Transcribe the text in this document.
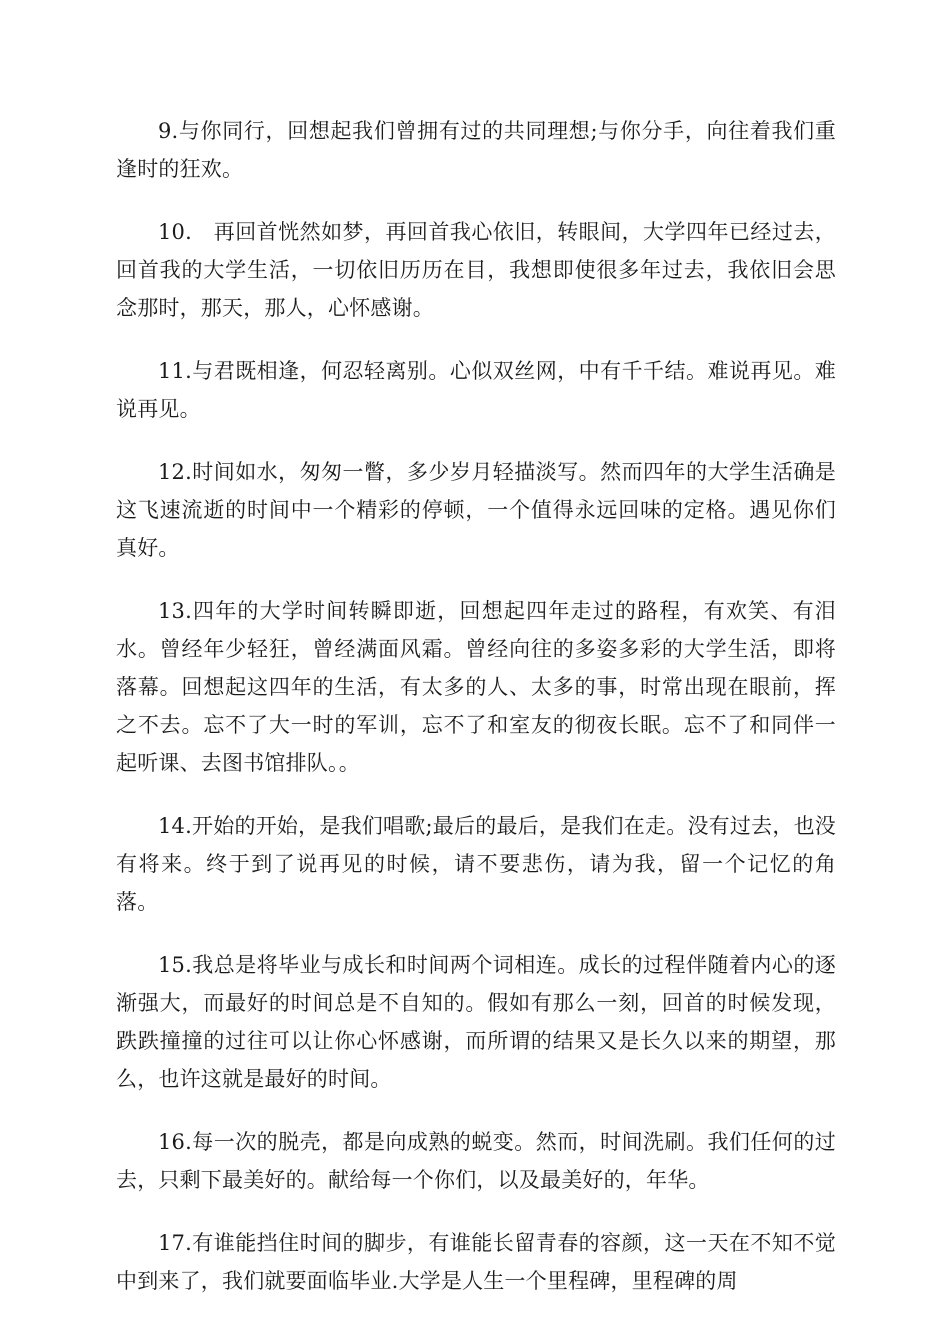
9.与你同行，回想起我们曾拥有过的共同理想;与你分手，向往着我们重逢时的狂欢。

10.　再回首恍然如梦，再回首我心依旧，转眼间，大学四年已经过去，回首我的大学生活，一切依旧历历在目，我想即使很多年过去，我依旧会思念那时，那天，那人，心怀感谢。

11.与君既相逢，何忍轻离别。心似双丝网，中有千千结。难说再见。难说再见。

12.时间如水，匆匆一瞥，多少岁月轻描淡写。然而四年的大学生活确是这飞速流逝的时间中一个精彩的停顿，一个值得永远回味的定格。遇见你们真好。

13.四年的大学时间转瞬即逝，回想起四年走过的路程，有欢笑、有泪水。曾经年少轻狂，曾经满面风霜。曾经向往的多姿多彩的大学生活，即将落幕。回想起这四年的生活，有太多的人、太多的事，时常出现在眼前，挥之不去。忘不了大一时的军训，忘不了和室友的彻夜长眠。忘不了和同伴一起听课、去图书馆排队。。

14.开始的开始，是我们唱歌;最后的最后，是我们在走。没有过去，也没有将来。终于到了说再见的时候，请不要悲伤，请为我，留一个记忆的角落。

15.我总是将毕业与成长和时间两个词相连。成长的过程伴随着内心的逐渐强大，而最好的时间总是不自知的。假如有那么一刻，回首的时候发现，跌跌撞撞的过往可以让你心怀感谢，而所谓的结果又是长久以来的期望，那么，也许这就是最好的时间。

16.每一次的脱壳，都是向成熟的蜕变。然而，时间洗刷。我们任何的过去，只剩下最美好的。献给每一个你们，以及最美好的，年华。

17.有谁能挡住时间的脚步，有谁能长留青春的容颜，这一天在不知不觉中到来了，我们就要面临毕业.大学是人生一个里程碑，里程碑的周
